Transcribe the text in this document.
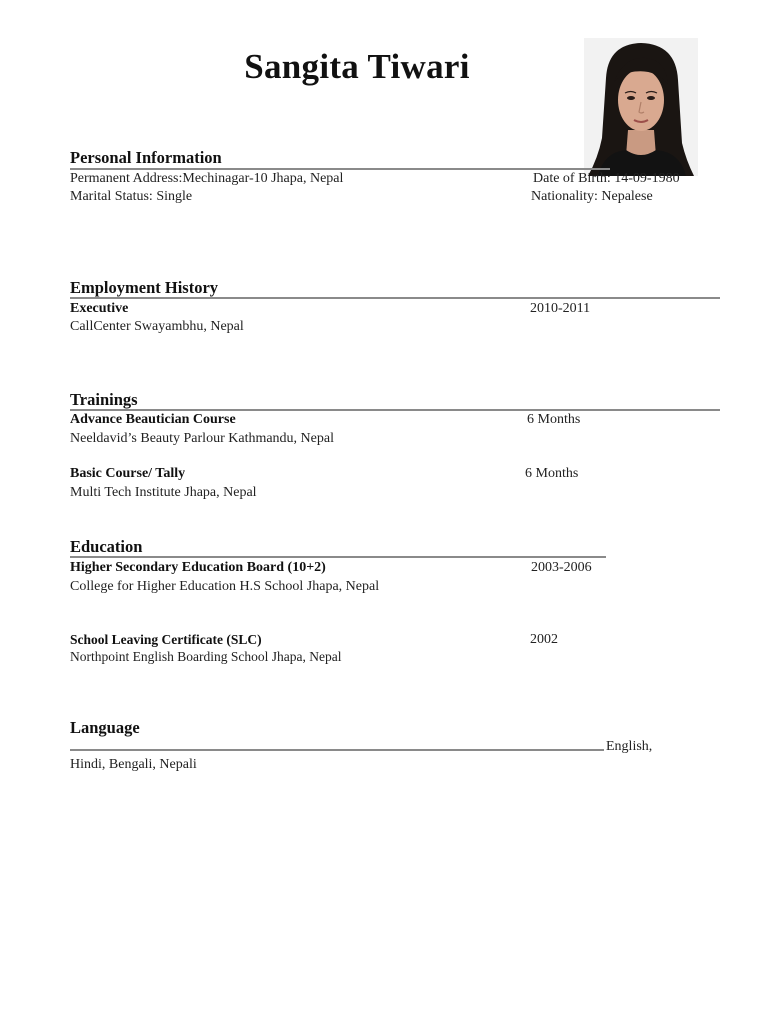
Sangita Tiwari
Personal Information
Permanent Address:Mechinagar-10 Jhapa, Nepal	Date of Birth: 14-09-1980
Marital Status: Single	Nationality: Nepalese
Employment History
Executive	2010-2011
CallCenter Swayambhu, Nepal
Trainings
Advance Beautician Course	6 Months
Neeldavid’s Beauty Parlour Kathmandu, Nepal
Basic Course/ Tally	6 Months
Multi Tech Institute Jhapa, Nepal
Education
Higher Secondary Education Board (10+2)	2003-2006
College for Higher Education H.S School Jhapa, Nepal
School Leaving Certificate (SLC)	2002
Northpoint English Boarding School Jhapa, Nepal
Language
English,
Hindi, Bengali, Nepali
